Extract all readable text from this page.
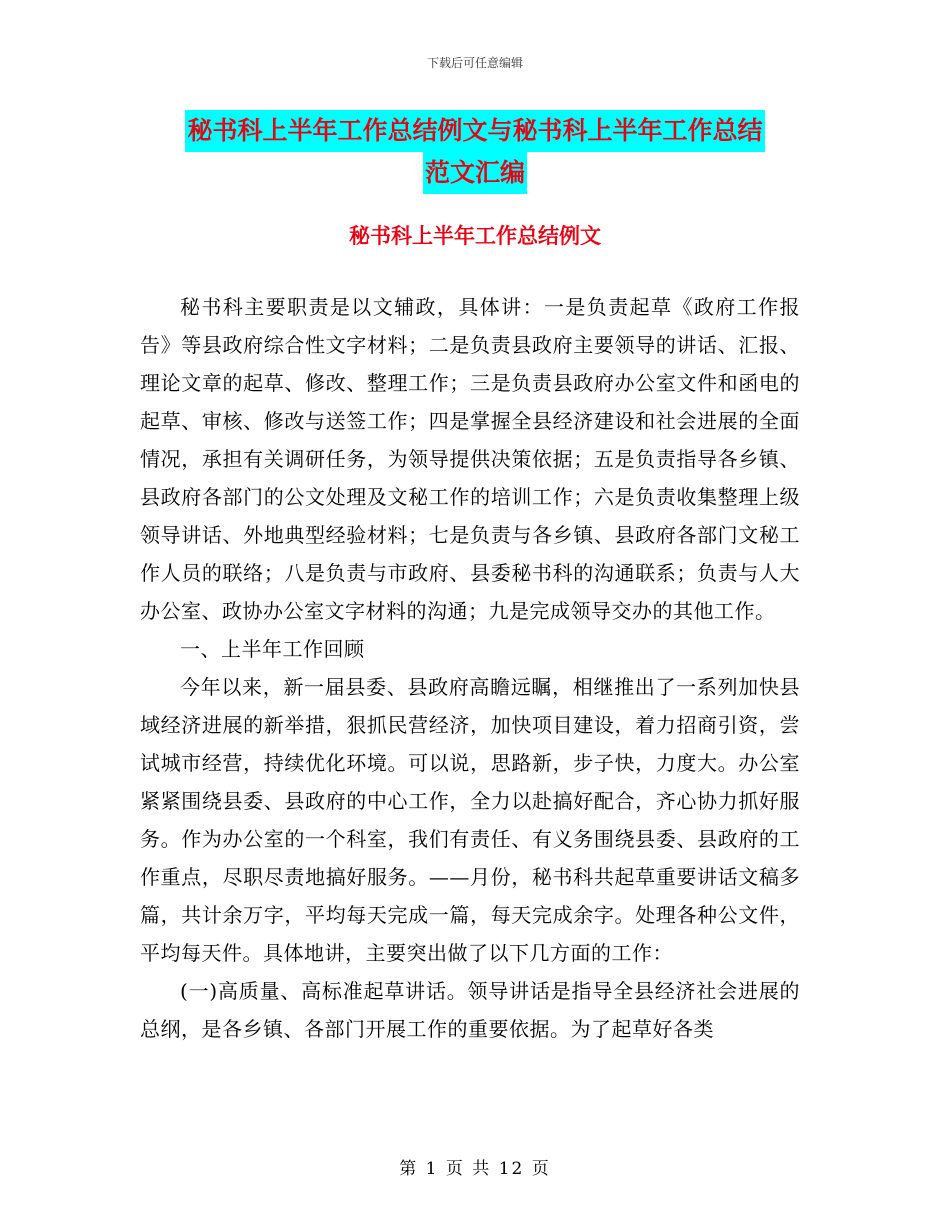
下载后可任意编辑
秘书科上半年工作总结例文与秘书科上半年工作总结
范文汇编
秘书科上半年工作总结例文

秘书科主要职责是以文辅政，具体讲：一是负责起草《政府工作报告》等县政府综合性文字材料；二是负责县政府主要领导的讲话、汇报、理论文章的起草、修改、整理工作；三是负责县政府办公室文件和函电的起草、审核、修改与送签工作；四是掌握全县经济建设和社会进展的全面情况，承担有关调研任务，为领导提供决策依据；五是负责指导各乡镇、县政府各部门的公文处理及文秘工作的培训工作；六是负责收集整理上级领导讲话、外地典型经验材料；七是负责与各乡镇、县政府各部门文秘工作人员的联络；八是负责与市政府、县委秘书科的沟通联系；负责与人大办公室、政协办公室文字材料的沟通；九是完成领导交办的其他工作。

一、上半年工作回顾

今年以来，新一届县委、县政府高瞻远瞩，相继推出了一系列加快县域经济进展的新举措，狠抓民营经济，加快项目建设，着力招商引资，尝试城市经营，持续优化环境。可以说，思路新，步子快，力度大。办公室紧紧围绕县委、县政府的中心工作，全力以赴搞好配合，齐心协力抓好服务。作为办公室的一个科室，我们有责任、有义务围绕县委、县政府的工作重点，尽职尽责地搞好服务。——月份，秘书科共起草重要讲话文稿多篇，共计余万字，平均每天完成一篇，每天完成余字。处理各种公文件，平均每天件。具体地讲，主要突出做了以下几方面的工作：

(一)高质量、高标准起草讲话。领导讲话是指导全县经济社会进展的总纲，是各乡镇、各部门开展工作的重要依据。为了起草好各类

第 1 页 共 12 页
